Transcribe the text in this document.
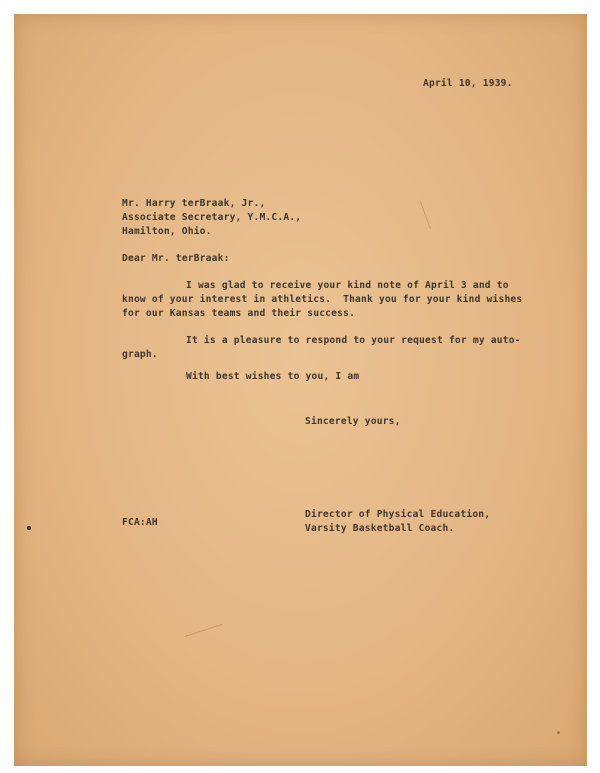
April 10, 1939.
Mr. Harry terBraak, Jr.,
Associate Secretary, Y.M.C.A.,
Hamilton, Ohio.
Dear Mr. terBraak:
I was glad to receive your kind note of April 3 and to
know of your interest in athletics.  Thank you for your kind wishes
for our Kansas teams and their success.
It is a pleasure to respond to your request for my auto-
graph.
With best wishes to you, I am
Sincerely yours,
FCA:AH
Director of Physical Education,
Varsity Basketball Coach.
